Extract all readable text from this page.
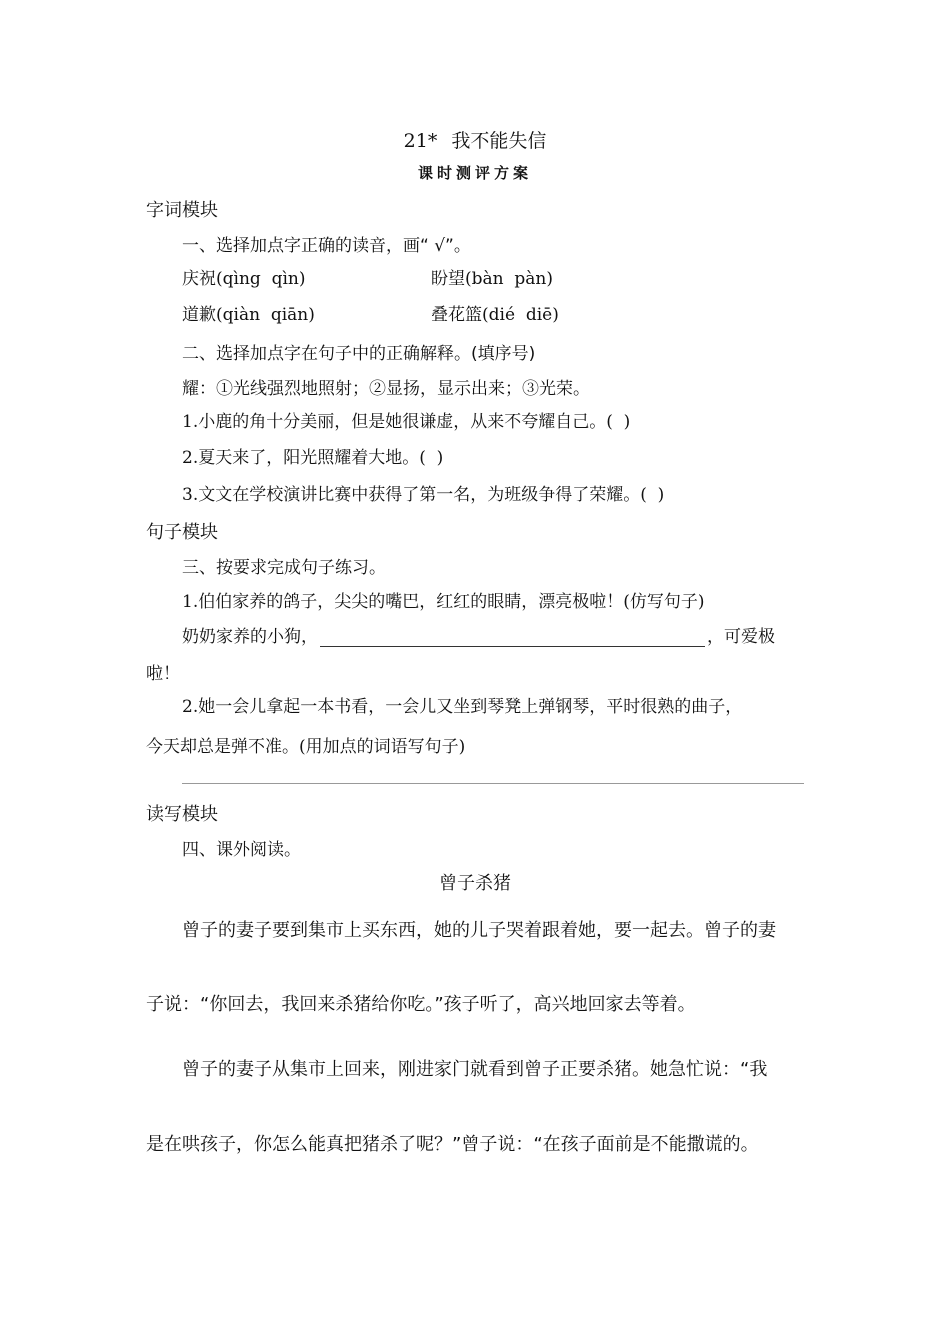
21* 我不能失信
课时测评方案
字词模块
一、选择加点字正确的读音，画“ √”。
庆祝(qìng  qìn)	盼望(bàn  pàn)
道歉(qiàn  qiān)	叠花篮(dié  diē)
二、选择加点字在句子中的正确解释。(填序号)
耀：①光线强烈地照射；②显扬，显示出来；③光荣。
1.小鹿的角十分美丽，但是她很谦虚，从来不夸耀自己。(  )
2.夏天来了，阳光照耀着大地。(  )
3.文文在学校演讲比赛中获得了第一名，为班级争得了荣耀。(  )
句子模块
三、按要求完成句子练习。
1.伯伯家养的鸽子，尖尖的嘴巴，红红的眼睛，漂亮极啦！(仿写句子)
奶奶家养的小狗，	，可爱极
啦！
2.她一会儿拿起一本书看，一会儿又坐到琴凳上弹钢琴，平时很熟的曲子，
今天却总是弹不准。(用加点的词语写句子)
读写模块
四、课外阅读。
曾子杀猪
曾子的妻子要到集市上买东西，她的儿子哭着跟着她，要一起去。曾子的妻
子说：“你回去，我回来杀猪给你吃。”孩子听了，高兴地回家去等着。
曾子的妻子从集市上回来，刚进家门就看到曾子正要杀猪。她急忙说：“我
是在哄孩子，你怎么能真把猪杀了呢？”曾子说：“在孩子面前是不能撒谎的。
